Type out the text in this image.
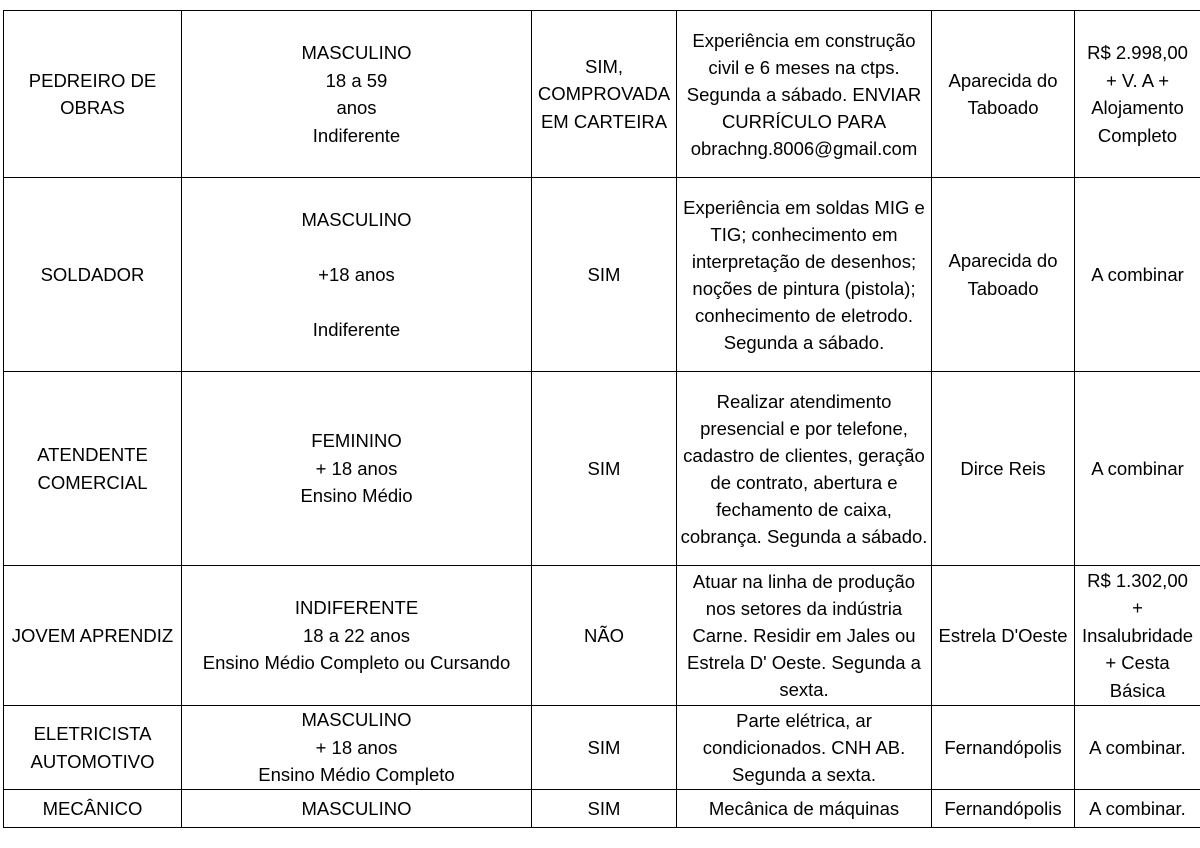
PEDREIRO DE
OBRAS	MASCULINO
18 a 59
anos
Indiferente	SIM,
COMPROVADA
EM CARTEIRA	Experiência em construção civil e 6 meses na ctps. Segunda a sábado. ENVIAR CURRÍCULO PARA obrachng.8006@gmail.com	Aparecida do
Taboado	R$ 2.998,00
+ V. A +
Alojamento
Completo
SOLDADOR	MASCULINO

+18 anos

Indiferente	SIM	Experiência em soldas MIG e TIG; conhecimento em interpretação de desenhos; noções de pintura (pistola); conhecimento de eletrodo. Segunda a sábado.	Aparecida do
Taboado	A combinar
ATENDENTE
COMERCIAL	FEMININO
+ 18 anos
Ensino Médio	SIM	Realizar atendimento presencial e por telefone, cadastro de clientes, geração de contrato, abertura e fechamento de caixa, cobrança. Segunda a sábado.	Dirce Reis	A combinar
JOVEM APRENDIZ	INDIFERENTE
18 a 22 anos
Ensino Médio Completo ou Cursando	NÃO	Atuar na linha de produção nos setores da indústria Carne. Residir em Jales ou Estrela D' Oeste. Segunda a sexta.	Estrela D'Oeste	R$ 1.302,00
+
Insalubridade
+ Cesta
Básica
ELETRICISTA
AUTOMOTIVO	MASCULINO
+ 18 anos
Ensino Médio Completo	SIM	Parte elétrica, ar condicionados. CNH AB. Segunda a sexta.	Fernandópolis	A combinar.
MECÂNICO	MASCULINO	SIM	Mecânica de máquinas	Fernandópolis	A combinar.
